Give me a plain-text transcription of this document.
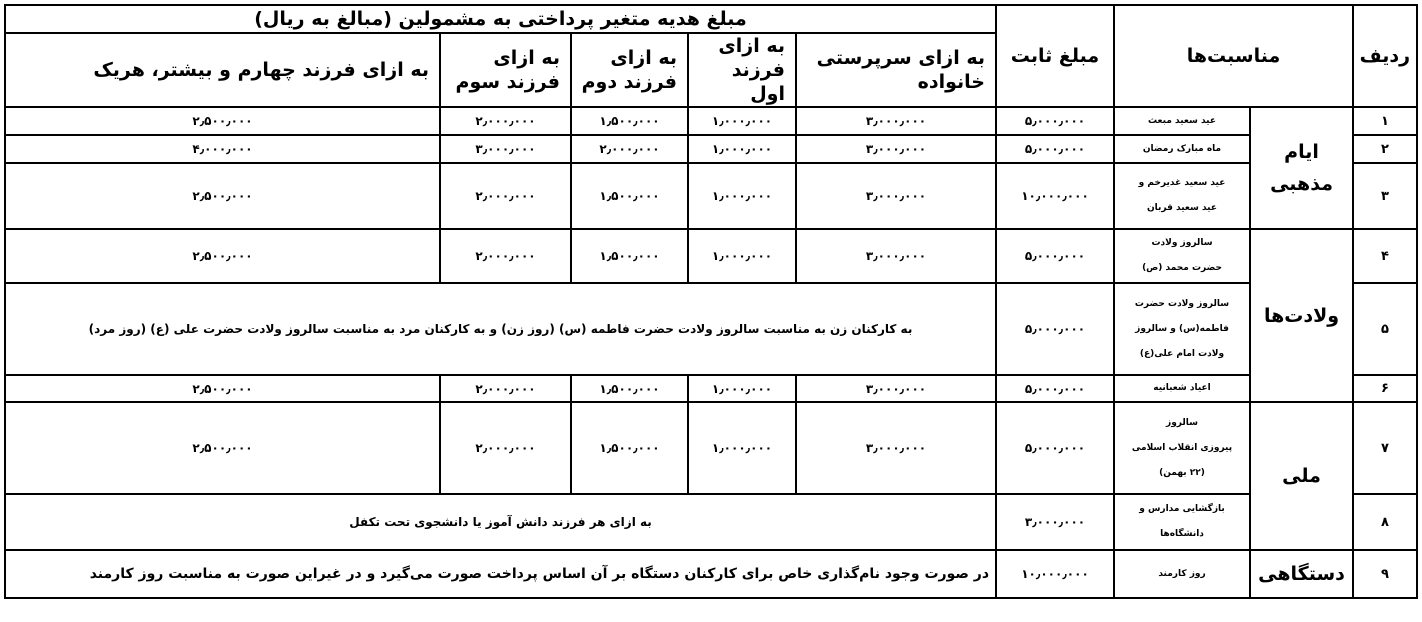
ردیف	مناسبت‌ها		مبلغ ثابت	مبلغ هدیه متغیر پرداختی به مشمولین (مبالغ به ریال)				
				به ازای سرپرستی خانواده	به ازای فرزند اول	به ازای فرزند دوم	به ازای فرزند سوم	به ازای فرزند چهارم و بیشتر، هریک
۱	ایام مذهبی	عید سعید مبعث	۵٫۰۰۰٫۰۰۰	۳٫۰۰۰٫۰۰۰	۱٫۰۰۰٫۰۰۰	۱٫۵۰۰٫۰۰۰	۲٫۰۰۰٫۰۰۰	۲٫۵۰۰٫۰۰۰
۲		ماه مبارک رمضان	۵٫۰۰۰٫۰۰۰	۳٫۰۰۰٫۰۰۰	۱٫۰۰۰٫۰۰۰	۲٫۰۰۰٫۰۰۰	۳٫۰۰۰٫۰۰۰	۴٫۰۰۰٫۰۰۰
۳		عید سعید غدیرخم و
عید سعید قربان	۱۰٫۰۰۰٫۰۰۰	۳٫۰۰۰٫۰۰۰	۱٫۰۰۰٫۰۰۰	۱٫۵۰۰٫۰۰۰	۲٫۰۰۰٫۰۰۰	۲٫۵۰۰٫۰۰۰
۴	ولادت‌ها	سالروز ولادت
حضرت محمد (ص)	۵٫۰۰۰٫۰۰۰	۳٫۰۰۰٫۰۰۰	۱٫۰۰۰٫۰۰۰	۱٫۵۰۰٫۰۰۰	۲٫۰۰۰٫۰۰۰	۲٫۵۰۰٫۰۰۰
۵		سالروز ولادت حضرت
فاطمه(س) و سالروز
ولادت امام علی(ع)	۵٫۰۰۰٫۰۰۰	به کارکنان زن به مناسبت سالروز ولادت حضرت فاطمه (س) (روز زن) و به کارکنان مرد به مناسبت سالروز ولادت حضرت علی (ع) (روز مرد)				
۶		اعیاد شعبانیه	۵٫۰۰۰٫۰۰۰	۳٫۰۰۰٫۰۰۰	۱٫۰۰۰٫۰۰۰	۱٫۵۰۰٫۰۰۰	۲٫۰۰۰٫۰۰۰	۲٫۵۰۰٫۰۰۰
۷	ملی	سالروز
پیروزی انقلاب اسلامی
(۲۲ بهمن)	۵٫۰۰۰٫۰۰۰	۳٫۰۰۰٫۰۰۰	۱٫۰۰۰٫۰۰۰	۱٫۵۰۰٫۰۰۰	۲٫۰۰۰٫۰۰۰	۲٫۵۰۰٫۰۰۰
۸		بازگشایی مدارس و
دانشگاه‌ها	۳٫۰۰۰٫۰۰۰	به ازای هر فرزند دانش آموز یا دانشجوی تحت تکفل				
۹	دستگاهی	روز کارمند	۱۰٫۰۰۰٫۰۰۰	در صورت وجود نام‌گذاری خاص برای کارکنان دستگاه بر آن اساس پرداخت صورت می‌گیرد و در غیراین صورت به مناسبت روز کارمند				
